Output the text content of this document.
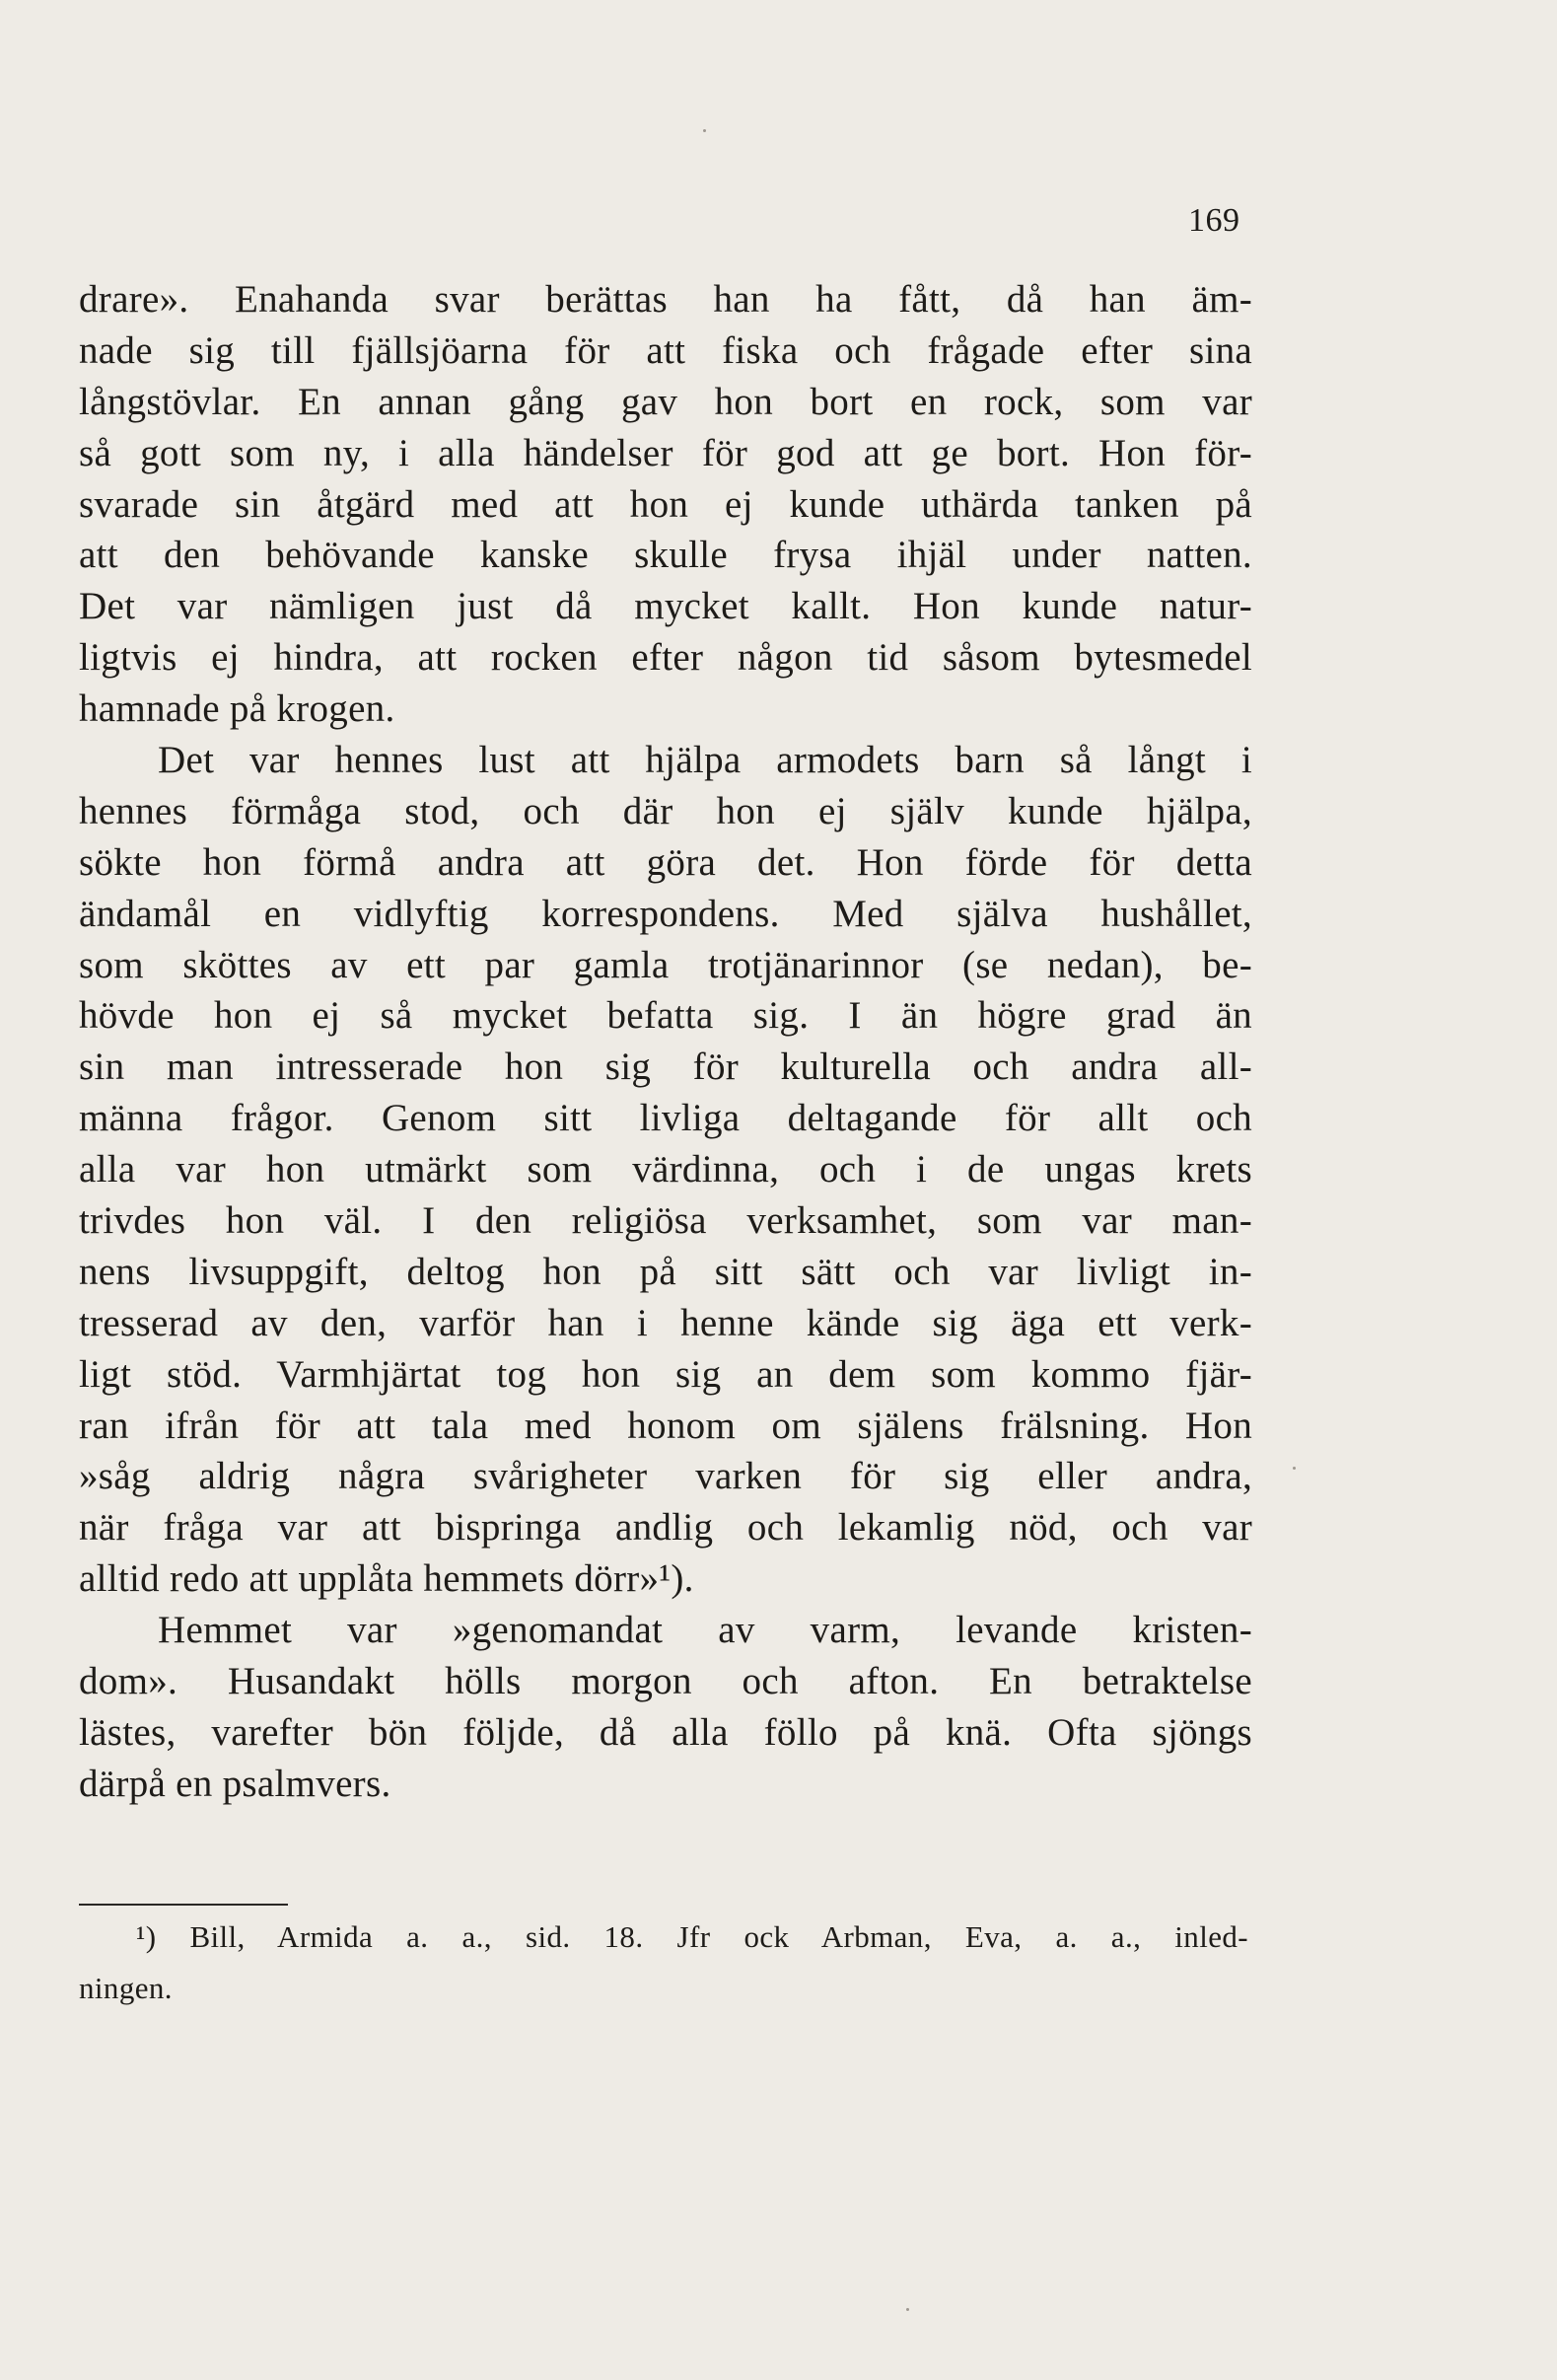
169
drare». Enahanda svar berättas han ha fått, då han äm-
nade sig till fjällsjöarna för att fiska och frågade efter sina
långstövlar. En annan gång gav hon bort en rock, som var
så gott som ny, i alla händelser för god att ge bort. Hon för-
svarade sin åtgärd med att hon ej kunde uthärda tanken på
att den behövande kanske skulle frysa ihjäl under natten.
Det var nämligen just då mycket kallt. Hon kunde natur-
ligtvis ej hindra, att rocken efter någon tid såsom bytesmedel
hamnade på krogen.
Det var hennes lust att hjälpa armodets barn så långt i
hennes förmåga stod, och där hon ej själv kunde hjälpa,
sökte hon förmå andra att göra det. Hon förde för detta
ändamål en vidlyftig korrespondens. Med själva hushållet,
som sköttes av ett par gamla trotjänarinnor (se nedan), be-
hövde hon ej så mycket befatta sig. I än högre grad än
sin man intresserade hon sig för kulturella och andra all-
männa frågor. Genom sitt livliga deltagande för allt och
alla var hon utmärkt som värdinna, och i de ungas krets
trivdes hon väl. I den religiösa verksamhet, som var man-
nens livsuppgift, deltog hon på sitt sätt och var livligt in-
tresserad av den, varför han i henne kände sig äga ett verk-
ligt stöd. Varmhjärtat tog hon sig an dem som kommo fjär-
ran ifrån för att tala med honom om själens frälsning. Hon
»såg aldrig några svårigheter varken för sig eller andra,
när fråga var att bispringa andlig och lekamlig nöd, och var
alltid redo att upplåta hemmets dörr»¹).
Hemmet var »genomandat av varm, levande kristen-
dom». Husandakt hölls morgon och afton. En betraktelse
lästes, varefter bön följde, då alla föllo på knä. Ofta sjöngs
därpå en psalmvers.
¹) Bill, Armida a. a., sid. 18. Jfr ock Arbman, Eva, a. a., inled-
ningen.
